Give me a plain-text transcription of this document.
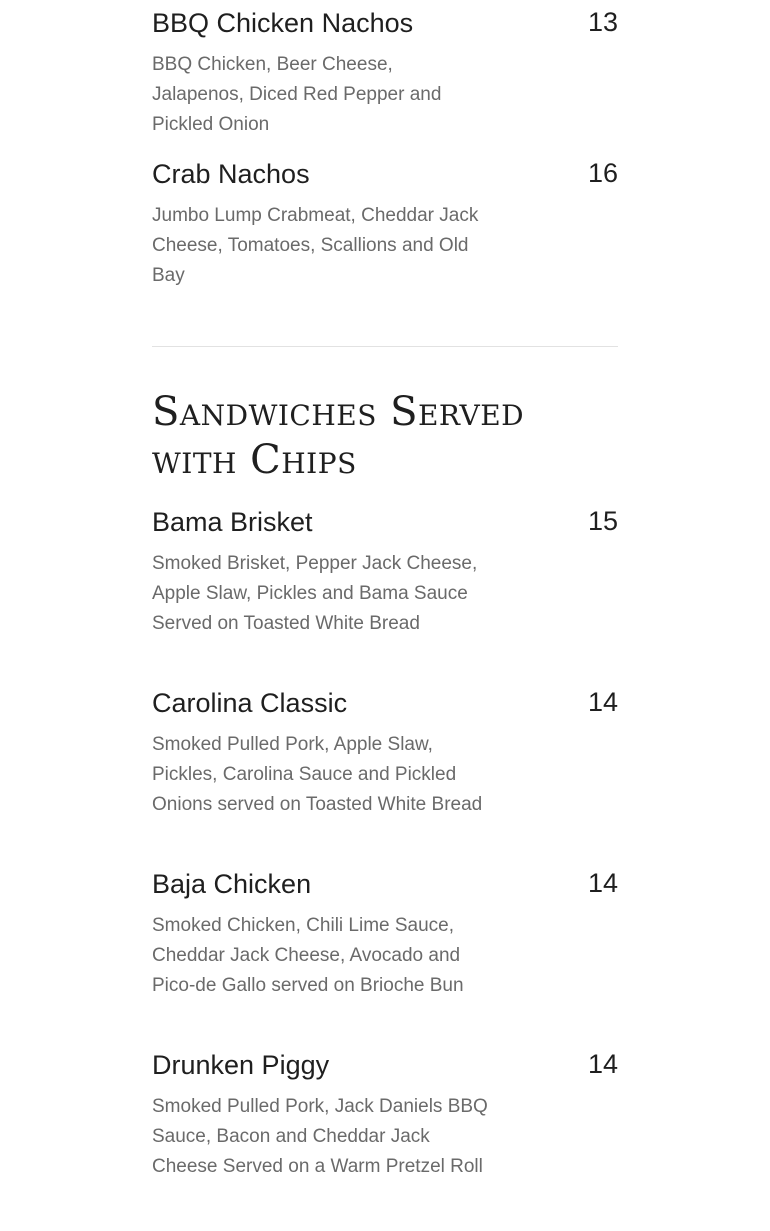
BBQ Chicken Nachos	13
BBQ Chicken, Beer Cheese, Jalapenos, Diced Red Pepper and Pickled Onion
Crab Nachos	16
Jumbo Lump Crabmeat, Cheddar Jack Cheese, Tomatoes, Scallions and Old Bay
Sandwiches Served with Chips
Bama Brisket	15
Smoked Brisket, Pepper Jack Cheese, Apple Slaw, Pickles and Bama Sauce Served on Toasted White Bread
Carolina Classic	14
Smoked Pulled Pork, Apple Slaw, Pickles, Carolina Sauce and Pickled Onions served on Toasted White Bread
Baja Chicken	14
Smoked Chicken, Chili Lime Sauce, Cheddar Jack Cheese, Avocado and Pico-de Gallo served on Brioche Bun
Drunken Piggy	14
Smoked Pulled Pork, Jack Daniels BBQ Sauce, Bacon and Cheddar Jack Cheese Served on a Warm Pretzel Roll
